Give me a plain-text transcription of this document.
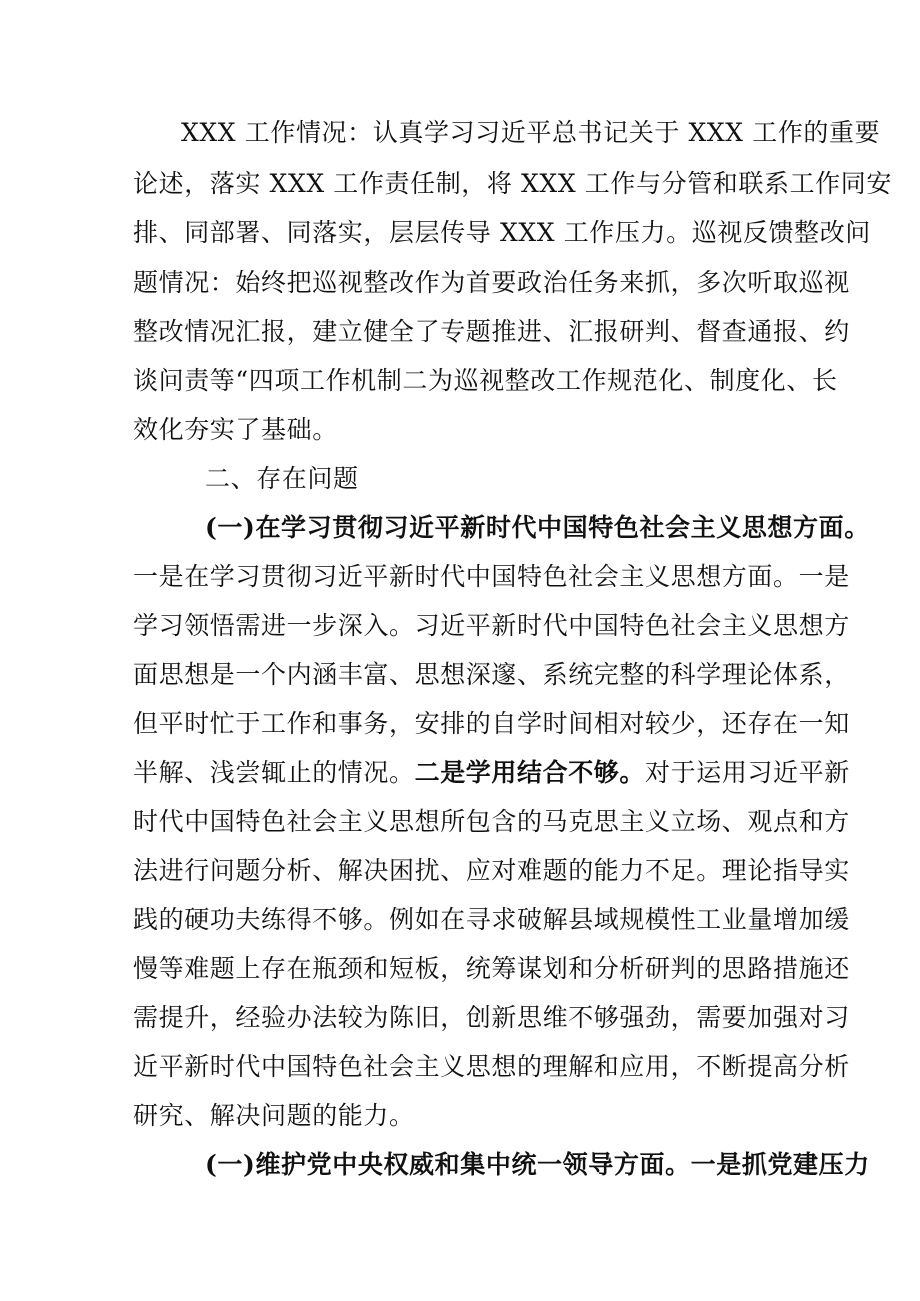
XXX 工作情况：认真学习习近平总书记关于 XXX 工作的重要
论述，落实 XXX 工作责任制，将 XXX 工作与分管和联系工作同安
排、同部署、同落实，层层传导 XXX 工作压力。巡视反馈整改问
题情况：始终把巡视整改作为首要政治任务来抓，多次听取巡视
整改情况汇报，建立健全了专题推进、汇报研判、督查通报、约
谈问责等“四项工作机制二为巡视整改工作规范化、制度化、长
效化夯实了基础。
二、存在问题
(一)在学习贯彻习近平新时代中国特色社会主义思想方面。
一是在学习贯彻习近平新时代中国特色社会主义思想方面。一是
学习领悟需进一步深入。习近平新时代中国特色社会主义思想方
面思想是一个内涵丰富、思想深邃、系统完整的科学理论体系，
但平时忙于工作和事务，安排的自学时间相对较少，还存在一知
半解、浅尝辄止的情况。二是学用结合不够。对于运用习近平新
时代中国特色社会主义思想所包含的马克思主义立场、观点和方
法进行问题分析、解决困扰、应对难题的能力不足。理论指导实
践的硬功夫练得不够。例如在寻求破解县域规模性工业量增加缓
慢等难题上存在瓶颈和短板，统筹谋划和分析研判的思路措施还
需提升，经验办法较为陈旧，创新思维不够强劲，需要加强对习
近平新时代中国特色社会主义思想的理解和应用，不断提高分析
研究、解决问题的能力。
(一)维护党中央权威和集中统一领导方面。一是抓党建压力
